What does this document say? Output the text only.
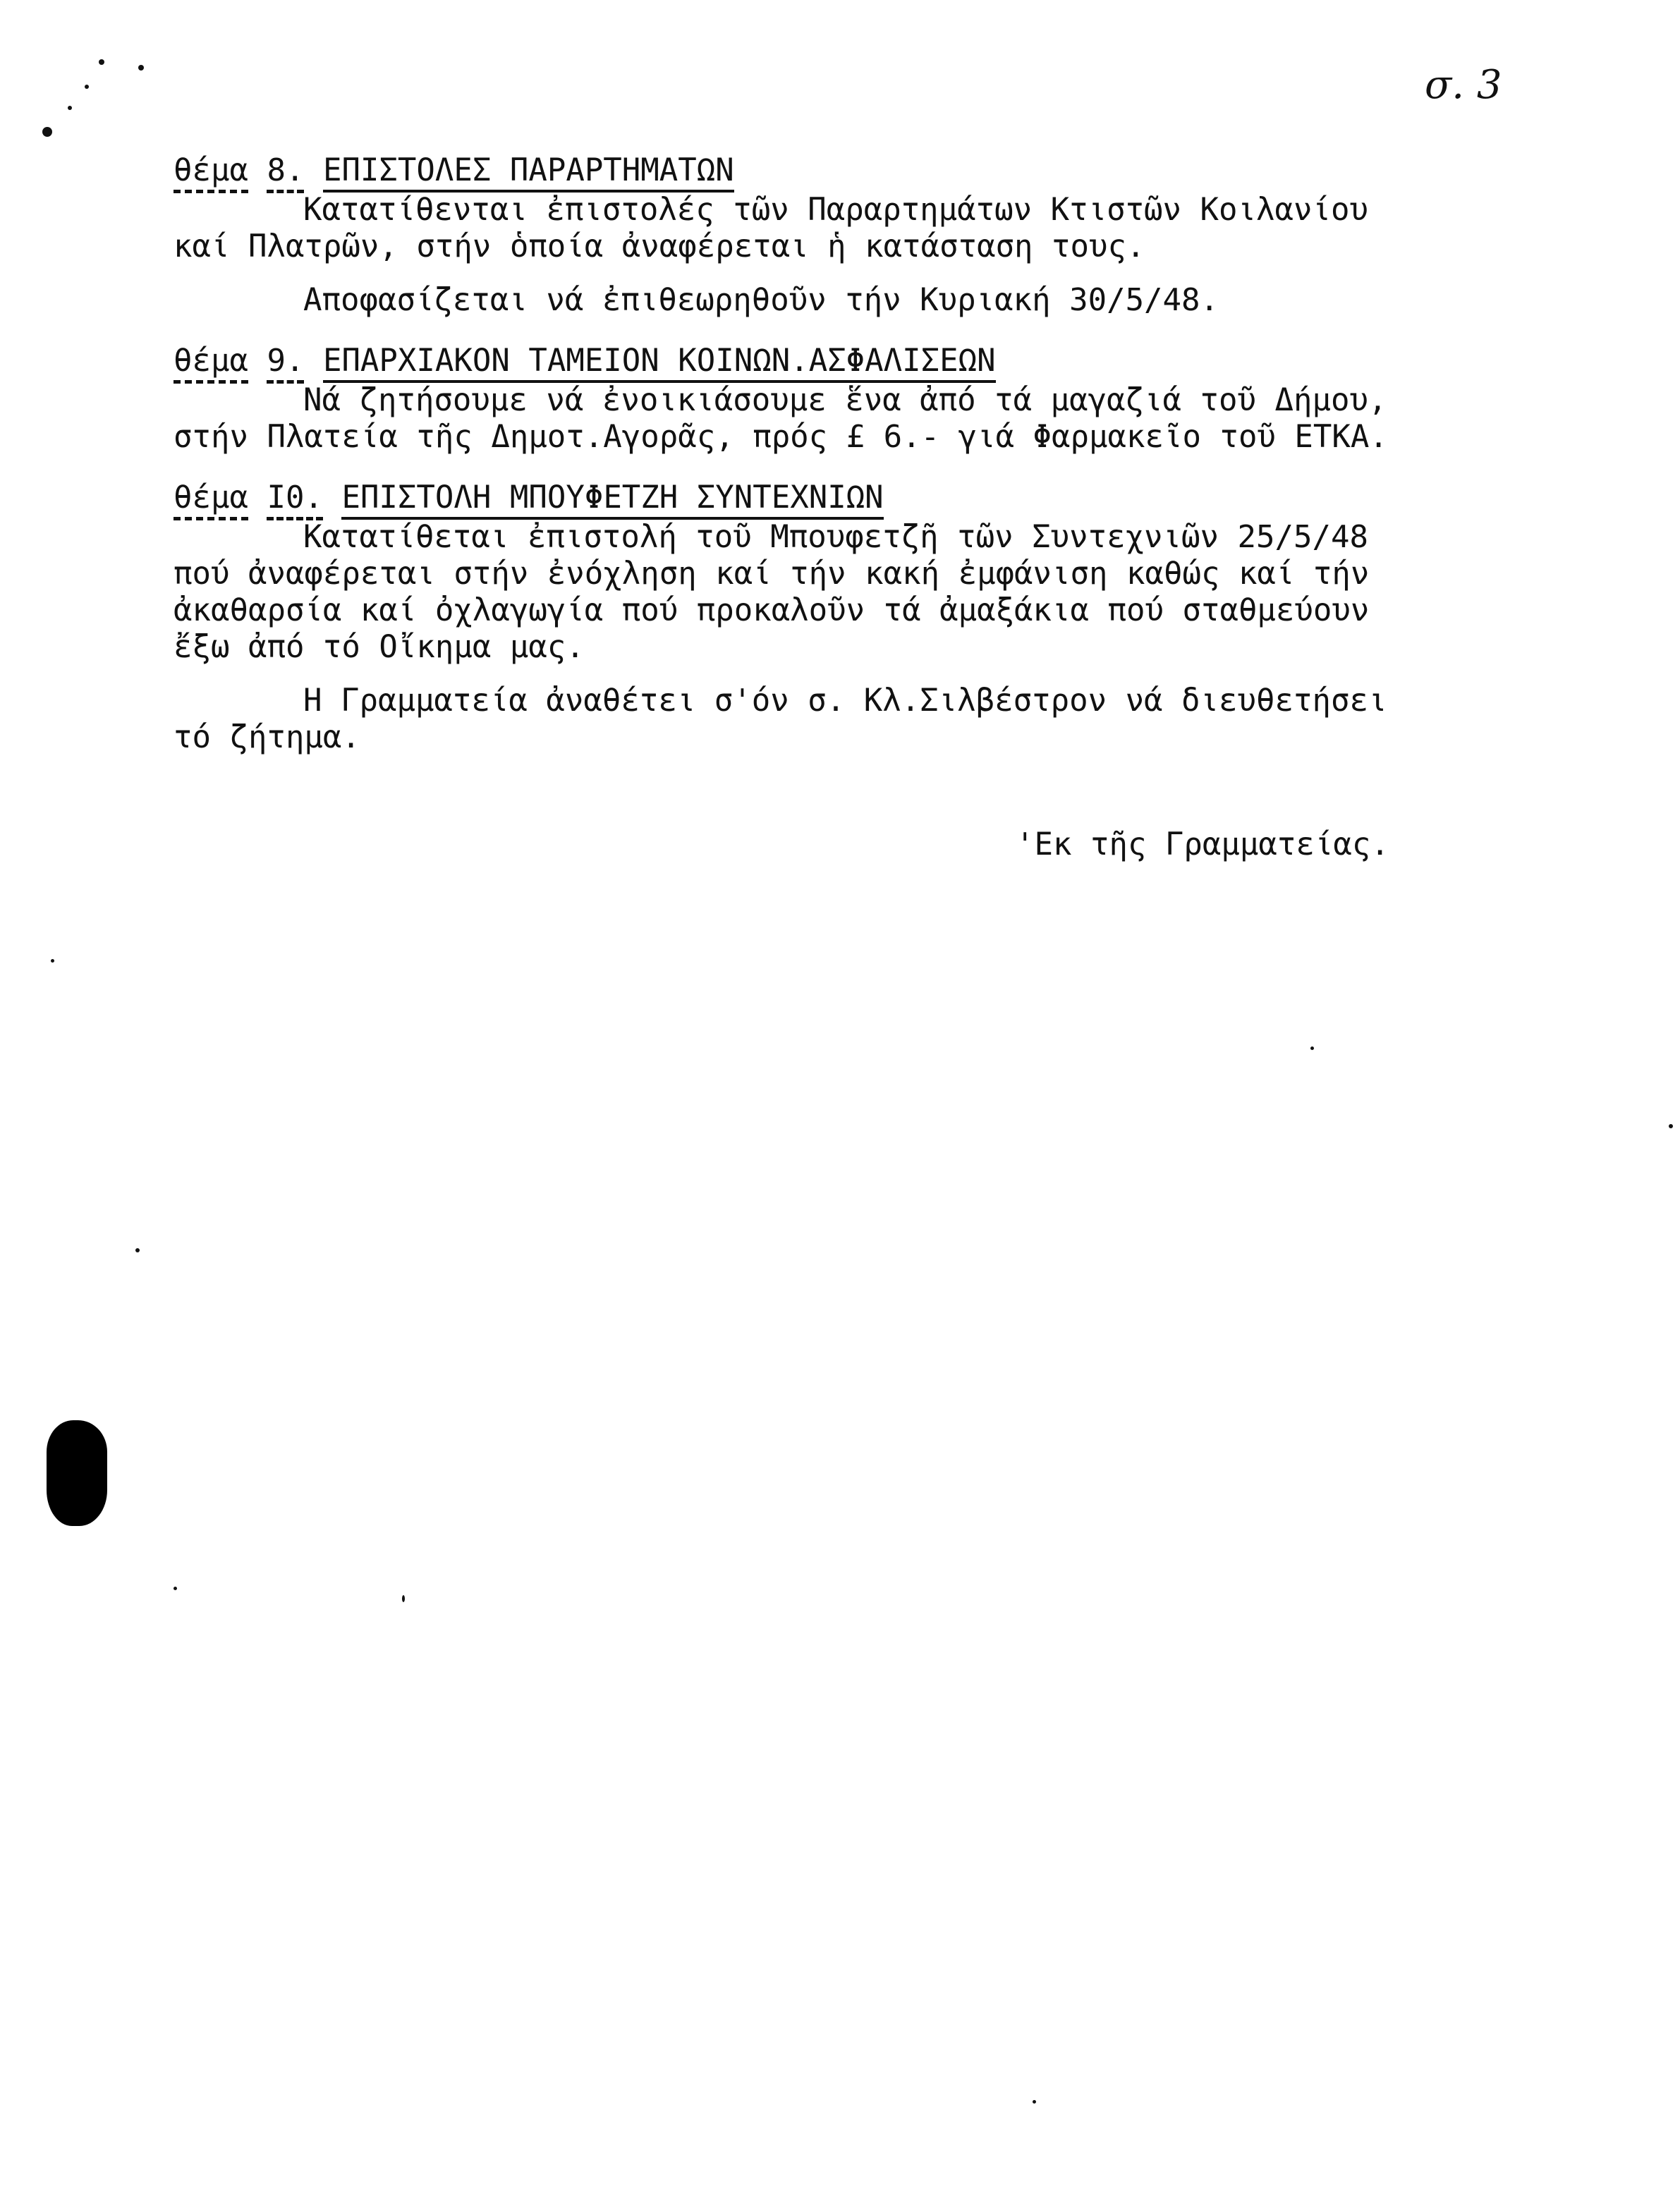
σ. 3
θέμα 8. ΕΠΙΣΤΟΛΕΣ ΠΑΡΑΡΤΗΜΑΤΩΝ

Κατατίθενται ἐπιστολές τῶν Παραρτημάτων Κτιστῶν Κοιλανίου

καί Πλατρῶν, στήν ὁποία ἀναφέρεται ἡ κατάσταση τους.

Αποφασίζεται νά ἐπιθεωρηθοῦν τήν Κυριακή 30/5/48.

θέμα 9. ΕΠΑΡΧΙΑΚΟΝ ΤΑΜΕΙΟΝ ΚΟΙΝΩΝ.ΑΣΦΑΛΙΣΕΩΝ

Νά ζητήσουμε νά ἐνοικιάσουμε ἕνα ἀπό τά μαγαζιά τοῦ Δήμου,

στήν Πλατεία τῆς Δημοτ.Αγορᾶς, πρός £ 6.- γιά Φαρμακεῖο τοῦ ΕΤΚΑ.

θέμα Ι0. ΕΠΙΣΤΟΛΗ ΜΠΟΥΦΕΤΖΗ ΣΥΝΤΕΧΝΙΩΝ

Κατατίθεται ἐπιστολή τοῦ Μπουφετζῆ τῶν Συντεχνιῶν 25/5/48

πού ἀναφέρεται στήν ἐνόχληση καί τήν κακή ἐμφάνιση καθώς καί τήν

ἀκαθαρσία καί ὀχλαγωγία πού προκαλοῦν τά ἀμαξάκια πού σταθμεύουν

ἔξω ἀπό τό Οἴκημα μας.

Η Γραμματεία ἀναθέτει σ'όν σ. Κλ.Σιλβέστρον νά διευθετήσει

τό ζήτημα.

'Εκ τῆς Γραμματείας.
